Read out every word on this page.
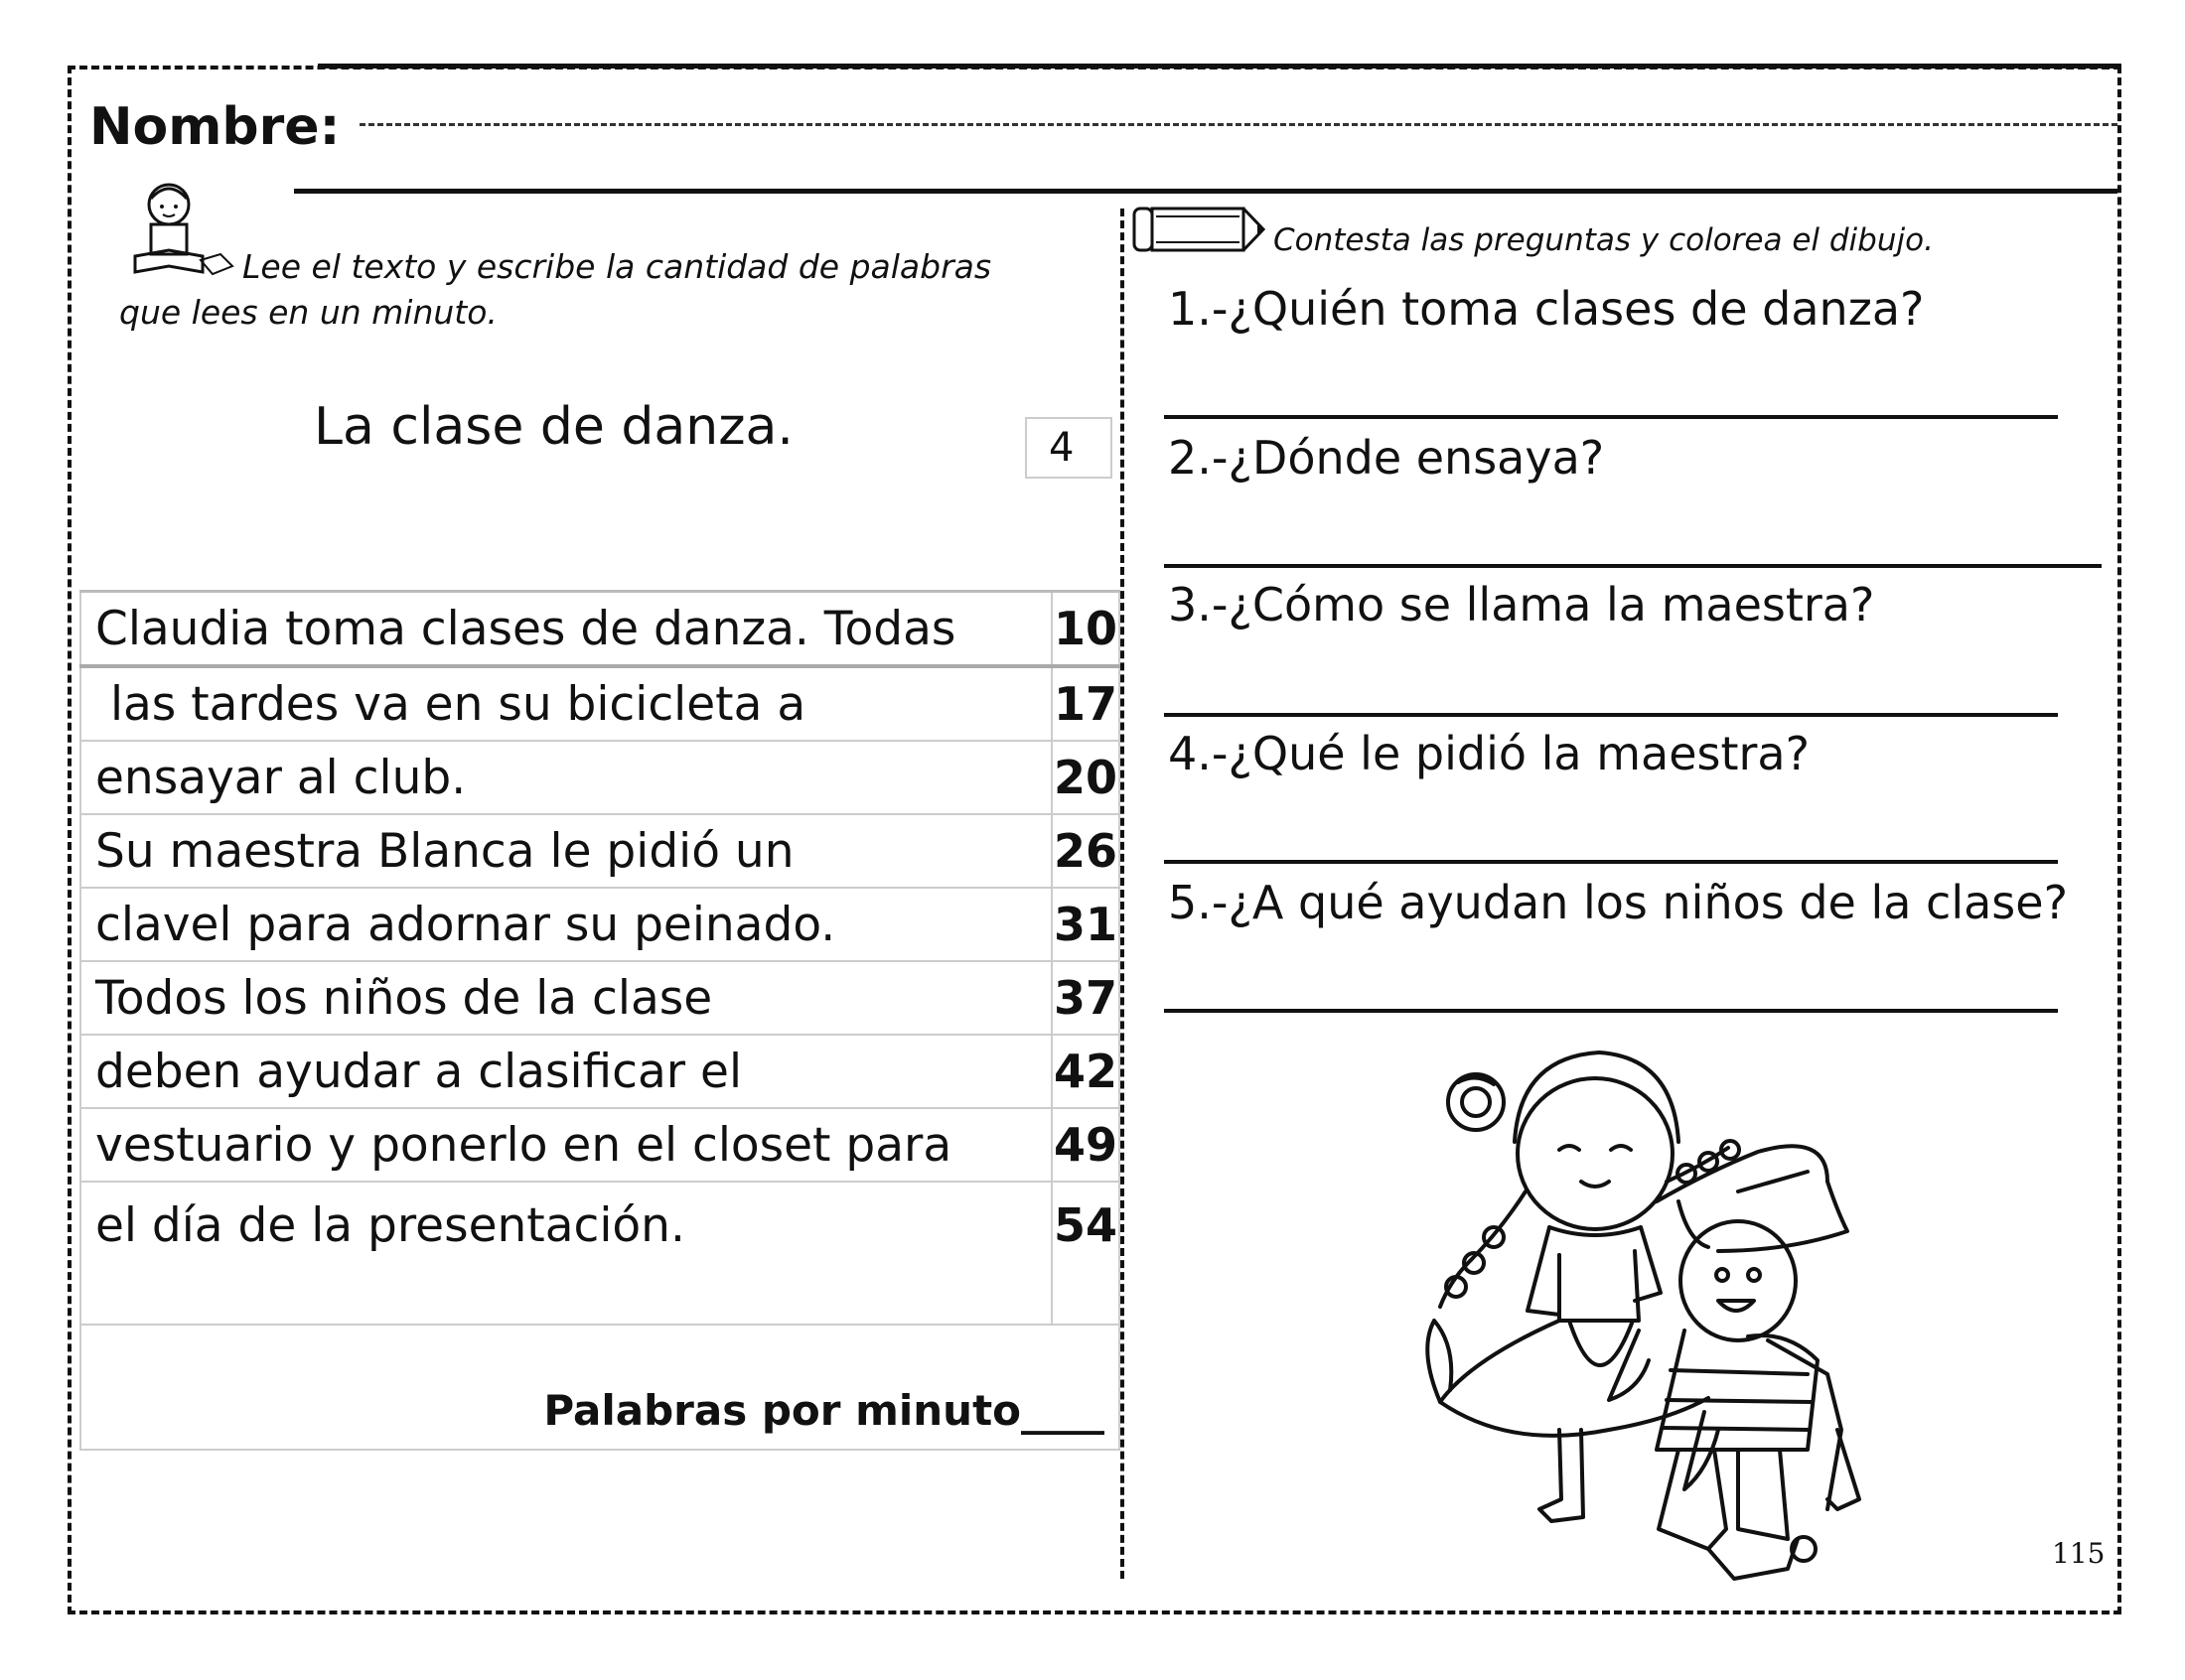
Nombre:
Lee el texto y escribe la cantidad de palabras
que lees en un minuto.
La clase de danza.	4
Claudia toma clases de danza. Todas	10
las tardes va en su bicicleta a	17
ensayar al club.	20
Su maestra Blanca le pidió un	26
clavel para adornar su peinado.	31
Todos los niños de la clase	37
deben ayudar a clasificar el	42
vestuario y ponerlo en el closet para	49
el día de la presentación.	54
Palabras por minuto____	
Contesta las preguntas y colorea el dibujo.
1.-¿Quién toma clases de danza?
2.-¿Dónde ensaya?
3.-¿Cómo se llama la maestra?
4.-¿Qué le pidió la maestra?
5.-¿A qué ayudan los niños de la clase?
115
